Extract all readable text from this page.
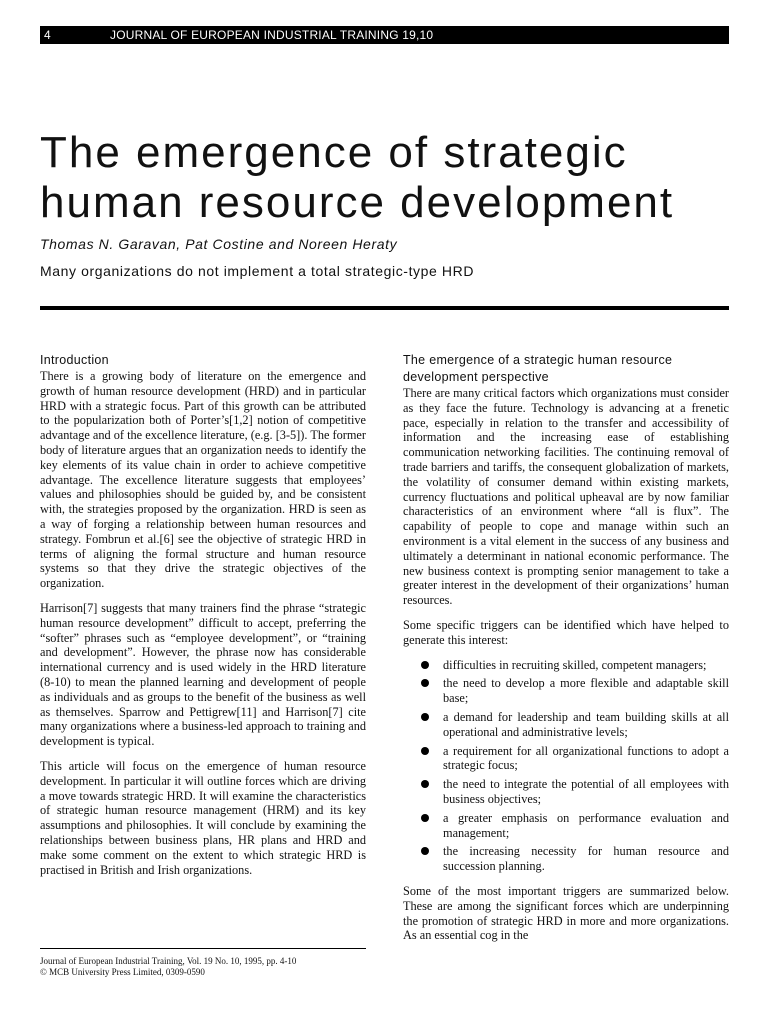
4	JOURNAL OF EUROPEAN INDUSTRIAL TRAINING 19,10
The emergence of strategic
human resource development

Thomas N. Garavan, Pat Costine and Noreen Heraty

Many organizations do not implement a total strategic-type HRD

Introduction

There is a growing body of literature on the emergence and growth of human resource development (HRD) and in particular HRD with a strategic focus. Part of this growth can be attributed to the popularization both of Porter’s[1,2] notion of competitive advantage and of the excellence literature, (e.g. [3-5]). The former body of literature argues that an organization needs to identify the key elements of its value chain in order to achieve competitive advantage. The excellence literature suggests that employees’ values and philosophies should be guided by, and be consistent with, the strategies proposed by the organization. HRD is seen as a way of forging a relationship between human resources and strategy. Fombrun et al.[6] see the objective of strategic HRD in terms of aligning the formal structure and human resource systems so that they drive the strategic objectives of the organization.

Harrison[7] suggests that many trainers find the phrase “strategic human resource development” difficult to accept, preferring the “softer” phrases such as “employee development”, or “training and development”. However, the phrase now has considerable international currency and is used widely in the HRD literature (8-10) to mean the planned learning and development of people as individuals and as groups to the benefit of the business as well as themselves. Sparrow and Pettigrew[11] and Harrison[7] cite many organizations where a business-led approach to training and development is typical.

This article will focus on the emergence of human resource development. In particular it will outline forces which are driving a move towards strategic HRD. It will examine the characteristics of strategic human resource management (HRM) and its key assumptions and philosophies. It will conclude by examining the relationships between business plans, HR plans and HRD and make some comment on the extent to which strategic HRD is practised in British and Irish organizations.

The emergence of a strategic human resource development perspective

There are many critical factors which organizations must consider as they face the future. Technology is advancing at a frenetic pace, especially in relation to the transfer and accessibility of information and the increasing ease of establishing communication networking facilities. The continuing removal of trade barriers and tariffs, the consequent globalization of markets, the volatility of consumer demand within existing markets, currency fluctuations and political upheaval are by now familiar characteristics of an environment where “all is flux”. The capability of people to cope and manage within such an environment is a vital element in the success of any business and ultimately a determinant in national economic performance. The new business context is prompting senior management to take a greater interest in the development of their organizations’ human resources.

Some specific triggers can be identified which have helped to generate this interest:

difficulties in recruiting skilled, competent managers;
the need to develop a more flexible and adaptable skill base;
a demand for leadership and team building skills at all operational and administrative levels;
a requirement for all organizational functions to adopt a strategic focus;
the need to integrate the potential of all employees with business objectives;
a greater emphasis on performance evaluation and management;
the increasing necessity for human resource and succession planning.

Some of the most important triggers are summarized below. These are among the significant forces which are underpinning the promotion of strategic HRD in more and more organizations. As an essential cog in the

Journal of European Industrial Training, Vol. 19 No. 10, 1995, pp. 4-10
© MCB University Press Limited, 0309-0590
